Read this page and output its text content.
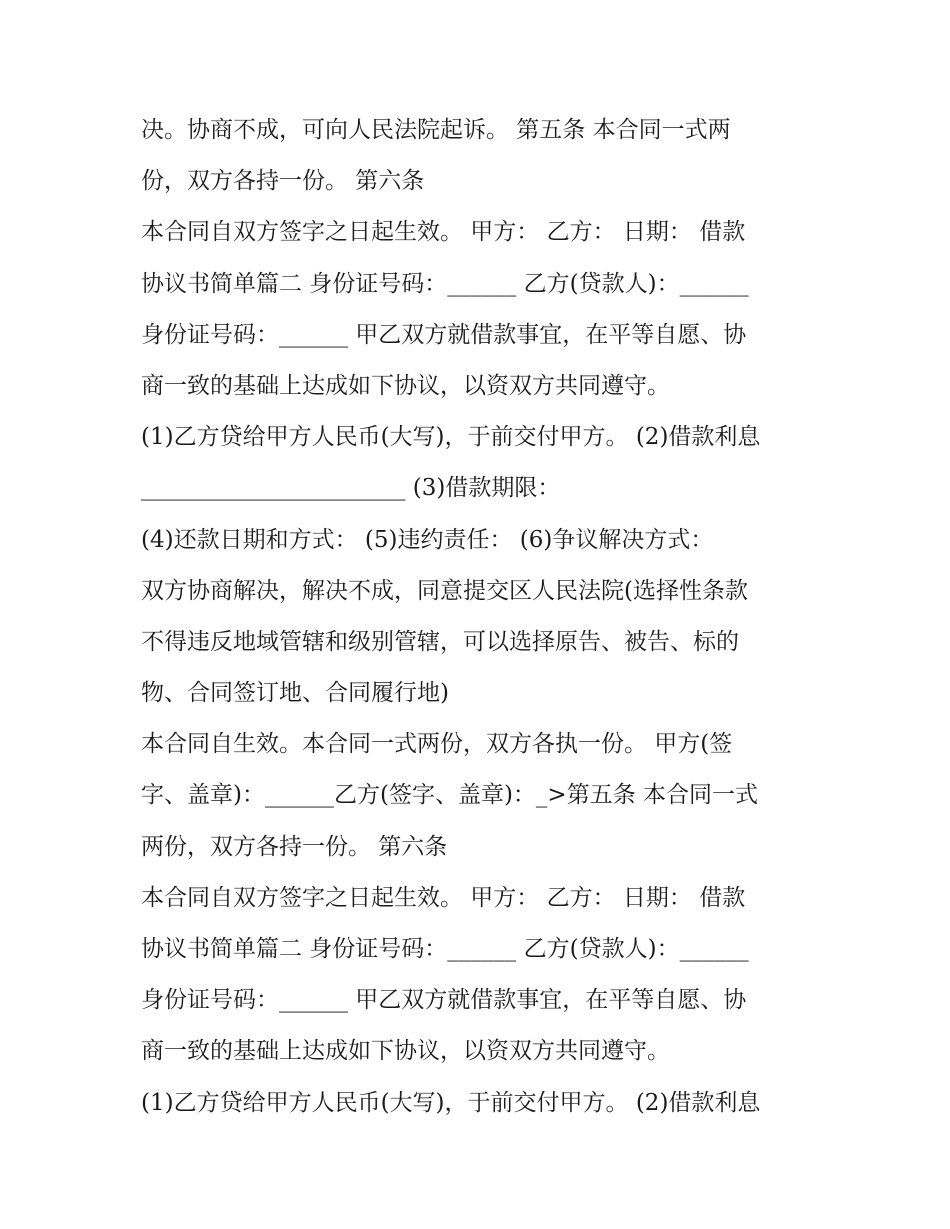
决。协商不成，可向人民法院起诉。 第五条 本合同一式两
份，双方各持一份。 第六条
本合同自双方签字之日起生效。 甲方： 乙方： 日期： 借款
协议书简单篇二 身份证号码：______ 乙方(贷款人)：______
身份证号码：______ 甲乙双方就借款事宜，在平等自愿、协
商一致的基础上达成如下协议，以资双方共同遵守。
(1)乙方贷给甲方人民币(大写)，于前交付甲方。 (2)借款利息
_______________________ (3)借款期限：
(4)还款日期和方式： (5)违约责任： (6)争议解决方式：
双方协商解决，解决不成，同意提交区人民法院(选择性条款
不得违反地域管辖和级别管辖，可以选择原告、被告、标的
物、合同签订地、合同履行地)
本合同自生效。本合同一式两份，双方各执一份。 甲方(签
字、盖章)：______乙方(签字、盖章)：_>第五条 本合同一式
两份，双方各持一份。 第六条
本合同自双方签字之日起生效。 甲方： 乙方： 日期： 借款
协议书简单篇二 身份证号码：______ 乙方(贷款人)：______
身份证号码：______ 甲乙双方就借款事宜，在平等自愿、协
商一致的基础上达成如下协议，以资双方共同遵守。
(1)乙方贷给甲方人民币(大写)，于前交付甲方。 (2)借款利息
